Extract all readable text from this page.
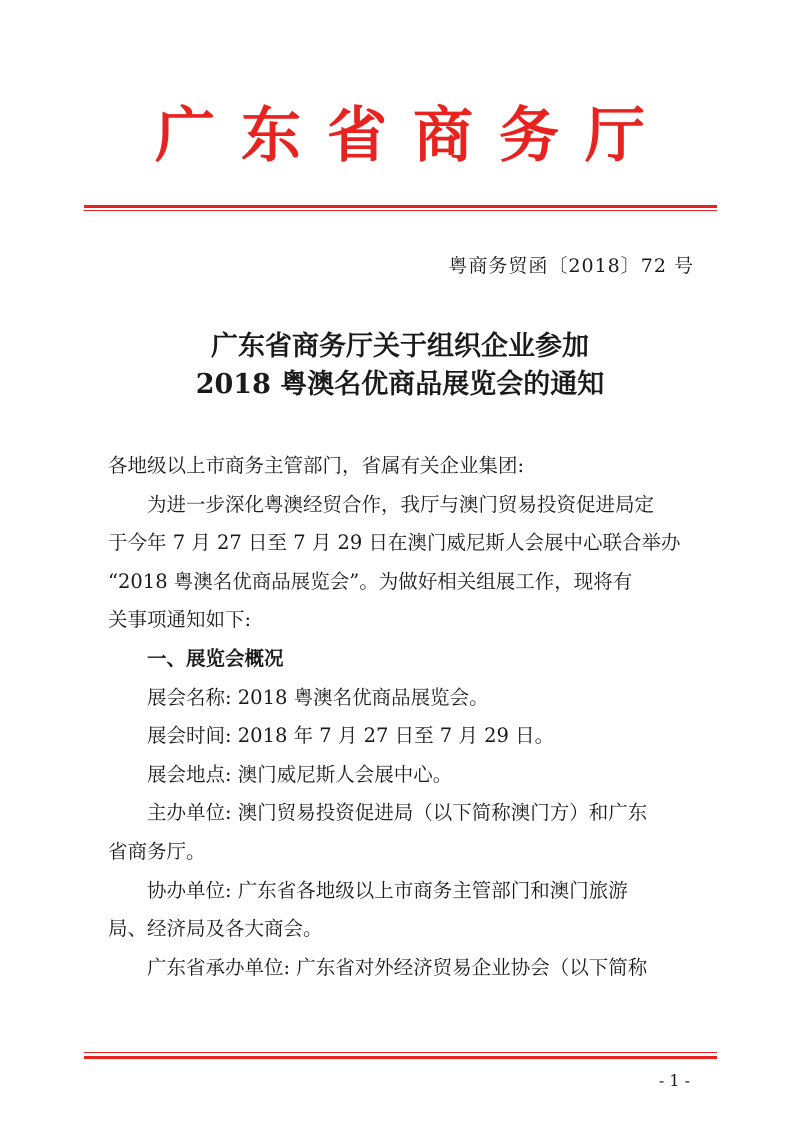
广东省商务厅
粤商务贸函〔2018〕72 号
广东省商务厅关于组织企业参加
2018 粤澳名优商品展览会的通知

各地级以上市商务主管部门，省属有关企业集团:

为进一步深化粤澳经贸合作，我厅与澳门贸易投资促进局定

于今年 7 月 27 日至 7 月 29 日在澳门威尼斯人会展中心联合举办

“2018 粤澳名优商品展览会”。为做好相关组展工作，现将有

关事项通知如下:

一、展览会概况

展会名称: 2018 粤澳名优商品展览会。

展会时间: 2018 年 7 月 27 日至 7 月 29 日。

展会地点: 澳门威尼斯人会展中心。

主办单位: 澳门贸易投资促进局（以下简称澳门方）和广东

省商务厅。

协办单位: 广东省各地级以上市商务主管部门和澳门旅游

局、经济局及各大商会。

广东省承办单位: 广东省对外经济贸易企业协会（以下简称

- 1 -
